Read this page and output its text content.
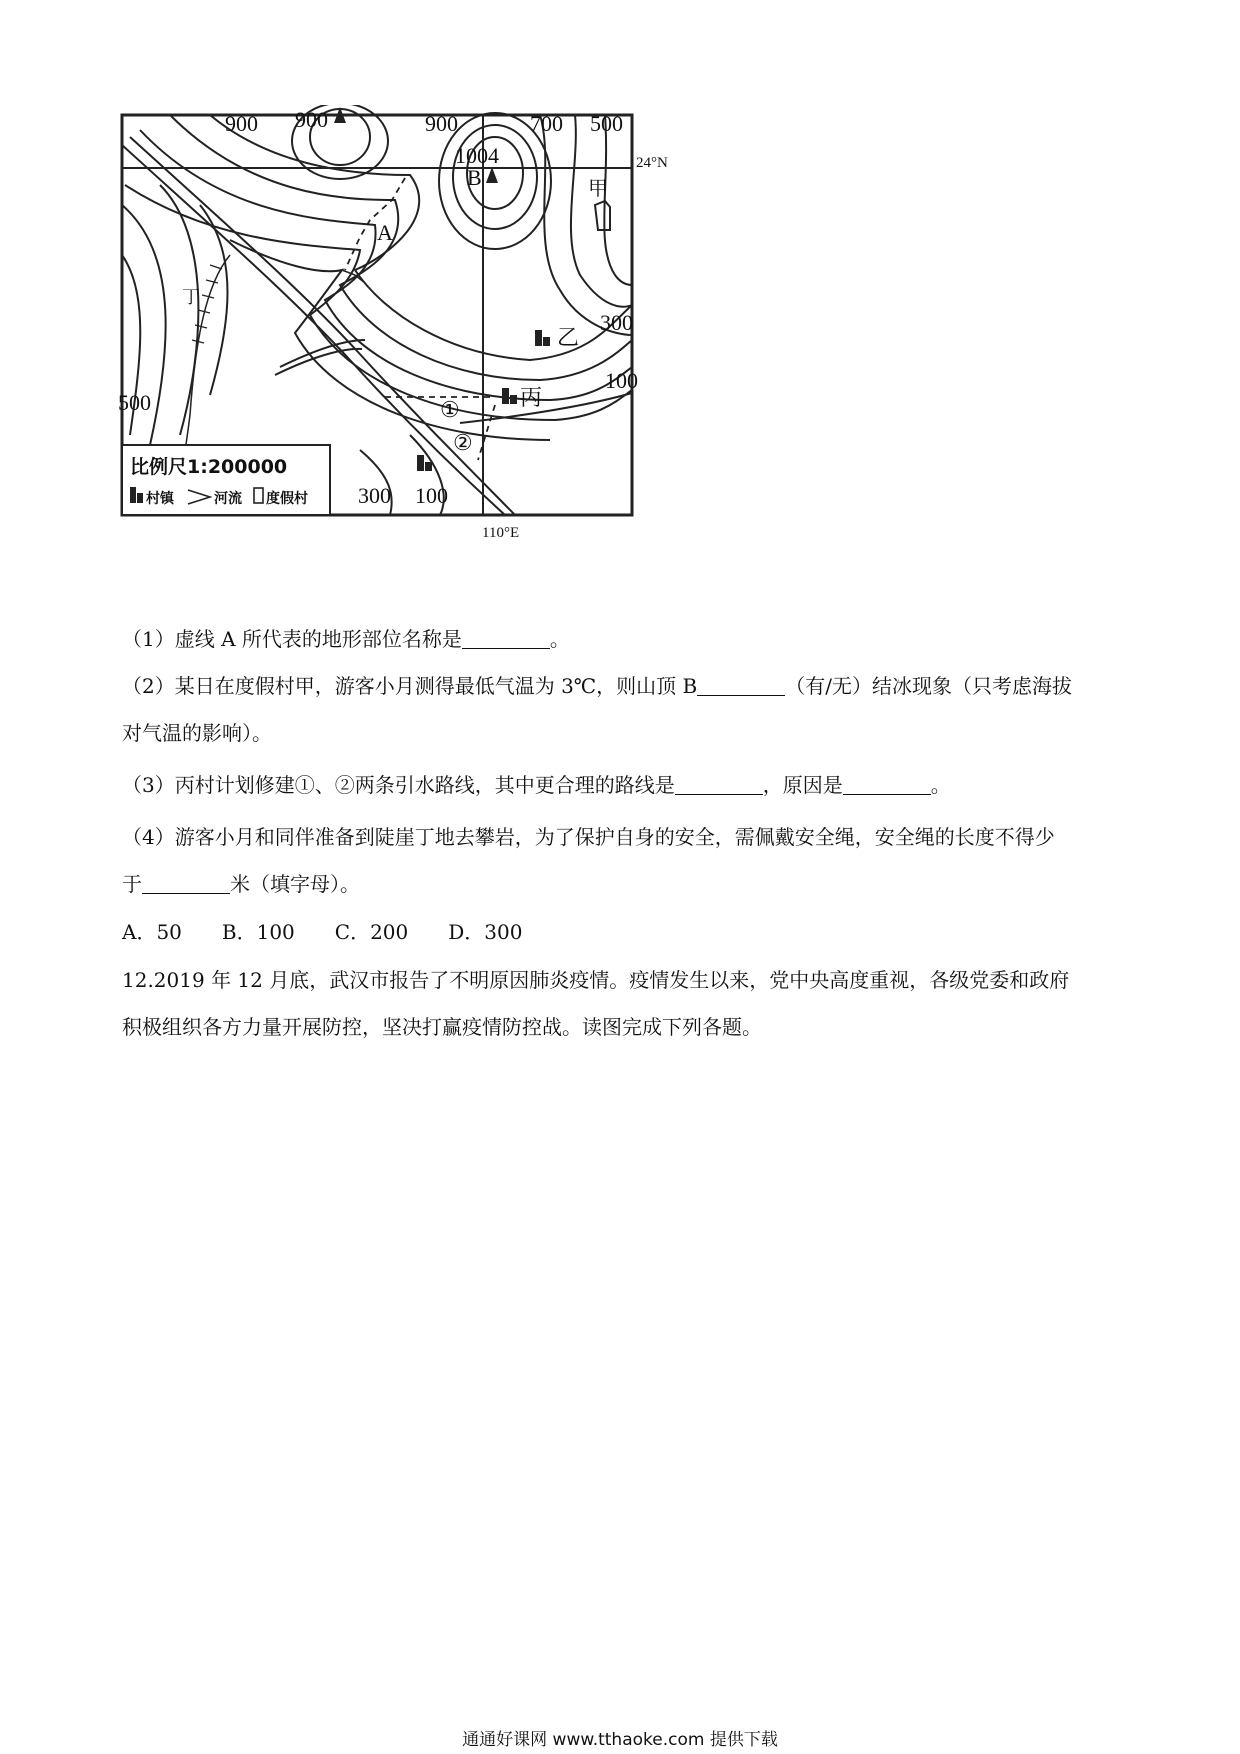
900 900	900	700 500
300
100
500
300 100
1004
B
A
丁
甲
乙
丙
①
②
24°N
110°E
比例尺1:200000
村镇	河流 度假村
（1）虚线 A 所代表的地形部位名称是	。
（2）某日在度假村甲，游客小月测得最低气温为 3℃，则山顶 B	（有/无）结冰现象（只考虑海拔
对气温的影响）。
（3）丙村计划修建①、②两条引水路线，其中更合理的路线是	，原因是	。
（4）游客小月和同伴准备到陡崖丁地去攀岩，为了保护自身的安全，需佩戴安全绳，安全绳的长度不得少
于	米（填字母）。
A．50　　B．100　　C．200　　D．300
12.2019 年 12 月底，武汉市报告了不明原因肺炎疫情。疫情发生以来，党中央高度重视，各级党委和政府
积极组织各方力量开展防控，坚决打赢疫情防控战。读图完成下列各题。
通通好课网 www.tthaoke.com 提供下载
